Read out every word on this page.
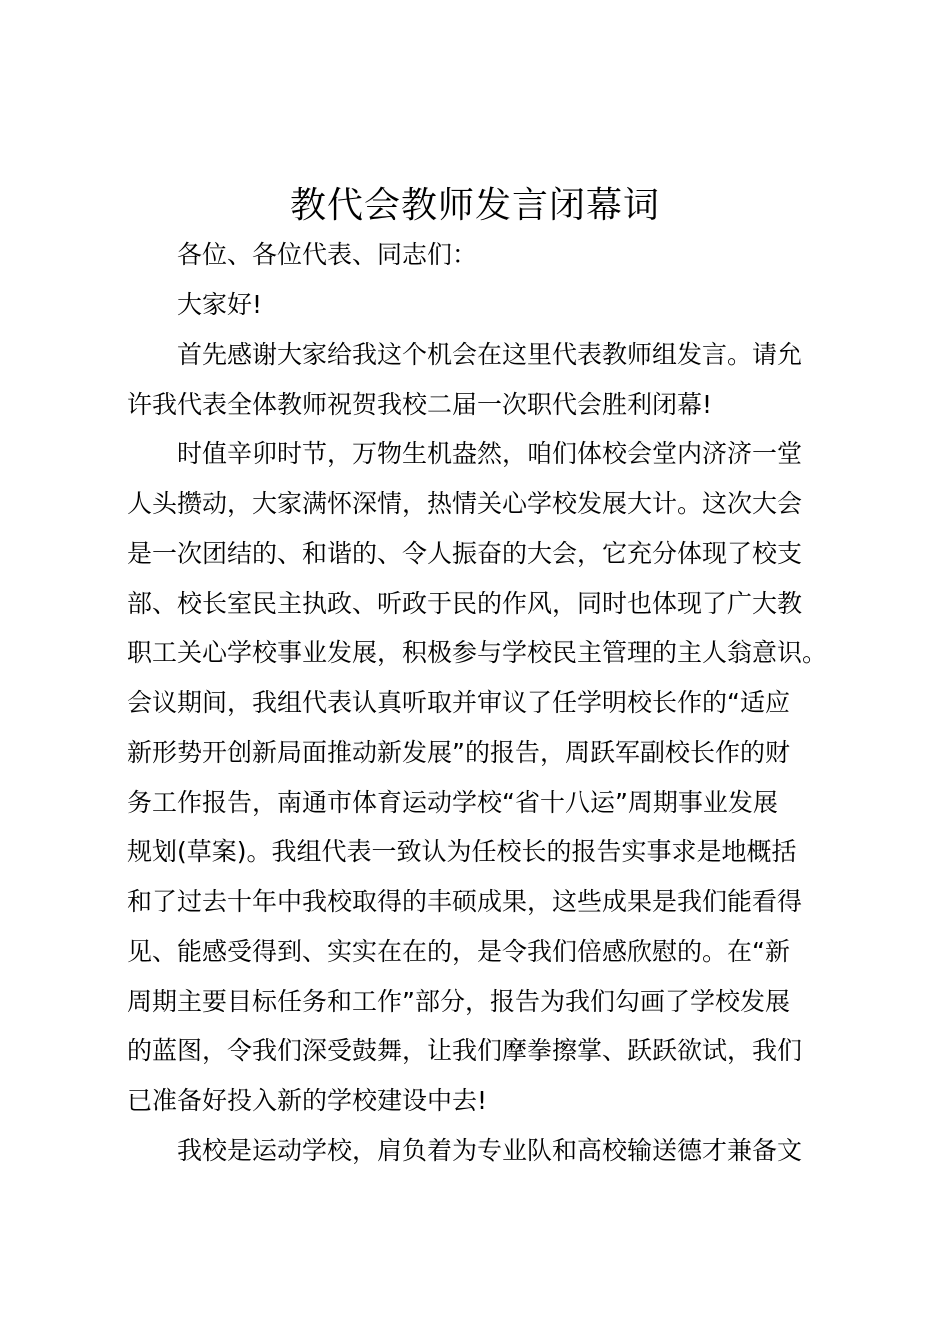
教代会教师发言闭幕词
各位、各位代表、同志们：
大家好!
首先感谢大家给我这个机会在这里代表教师组发言。请允
许我代表全体教师祝贺我校二届一次职代会胜利闭幕!
时值辛卯时节，万物生机盎然，咱们体校会堂内济济一堂
人头攒动，大家满怀深情，热情关心学校发展大计。这次大会
是一次团结的、和谐的、令人振奋的大会，它充分体现了校支
部、校长室民主执政、听政于民的作风，同时也体现了广大教
职工关心学校事业发展，积极参与学校民主管理的主人翁意识。
会议期间，我组代表认真听取并审议了任学明校长作的“适应
新形势开创新局面推动新发展”的报告，周跃军副校长作的财
务工作报告，南通市体育运动学校“省十八运”周期事业发展
规划(草案)。我组代表一致认为任校长的报告实事求是地概括
和了过去十年中我校取得的丰硕成果，这些成果是我们能看得
见、能感受得到、实实在在的，是令我们倍感欣慰的。在“新
周期主要目标任务和工作”部分，报告为我们勾画了学校发展
的蓝图，令我们深受鼓舞，让我们摩拳擦掌、跃跃欲试，我们
已准备好投入新的学校建设中去!
我校是运动学校，肩负着为专业队和高校输送德才兼备文
